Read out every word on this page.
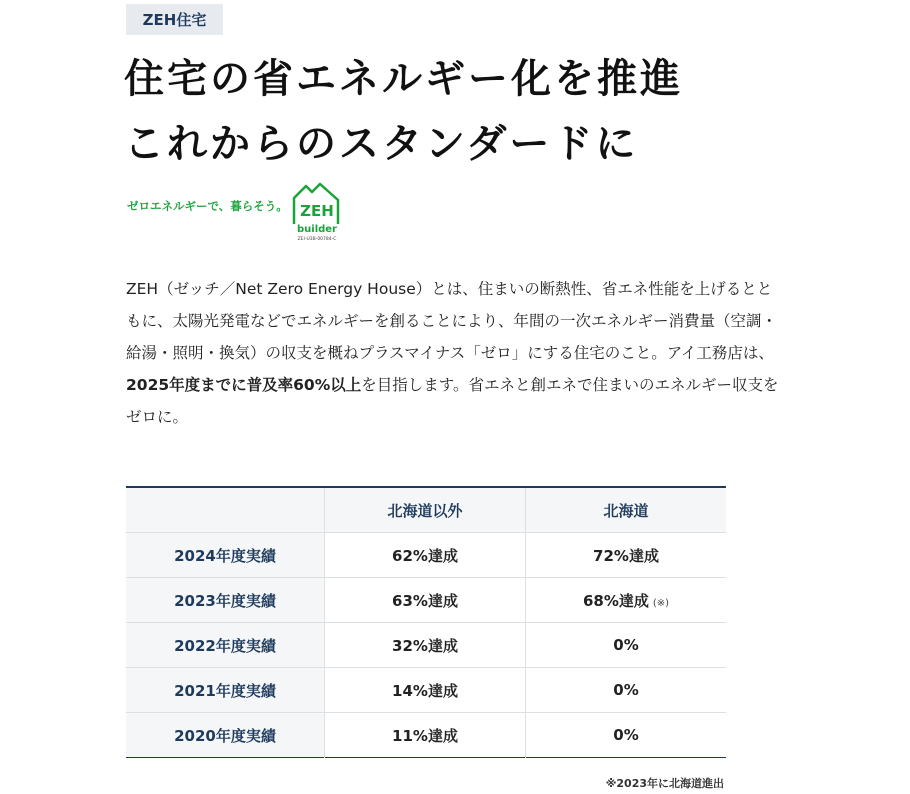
ZEH住宅
住宅の省エネルギー化を推進
これからのスタンダードに
ゼロエネルギーで、暮らそう。 ZEH
builder
ZEI-U3B-00784-C

ZEH（ゼッチ／Net Zero Energy House）とは、住まいの断熱性、省エネ性能を上げるとともに、太陽光発電などでエネルギーを創ることにより、年間の一次エネルギー消費量（空調・給湯・照明・換気）の収支を概ねプラスマイナス「ゼロ」にする住宅のこと。アイ工務店は、2025年度までに普及率60%以上を目指します。省エネと創エネで住まいのエネルギー収支をゼロに。

	北海道以外	北海道
2024年度実績	62%達成	72%達成
2023年度実績	63%達成	68%達成 (※)
2022年度実績	32%達成	0%
2021年度実績	14%達成	0%
2020年度実績	11%達成	0%
※2023年に北海道進出
